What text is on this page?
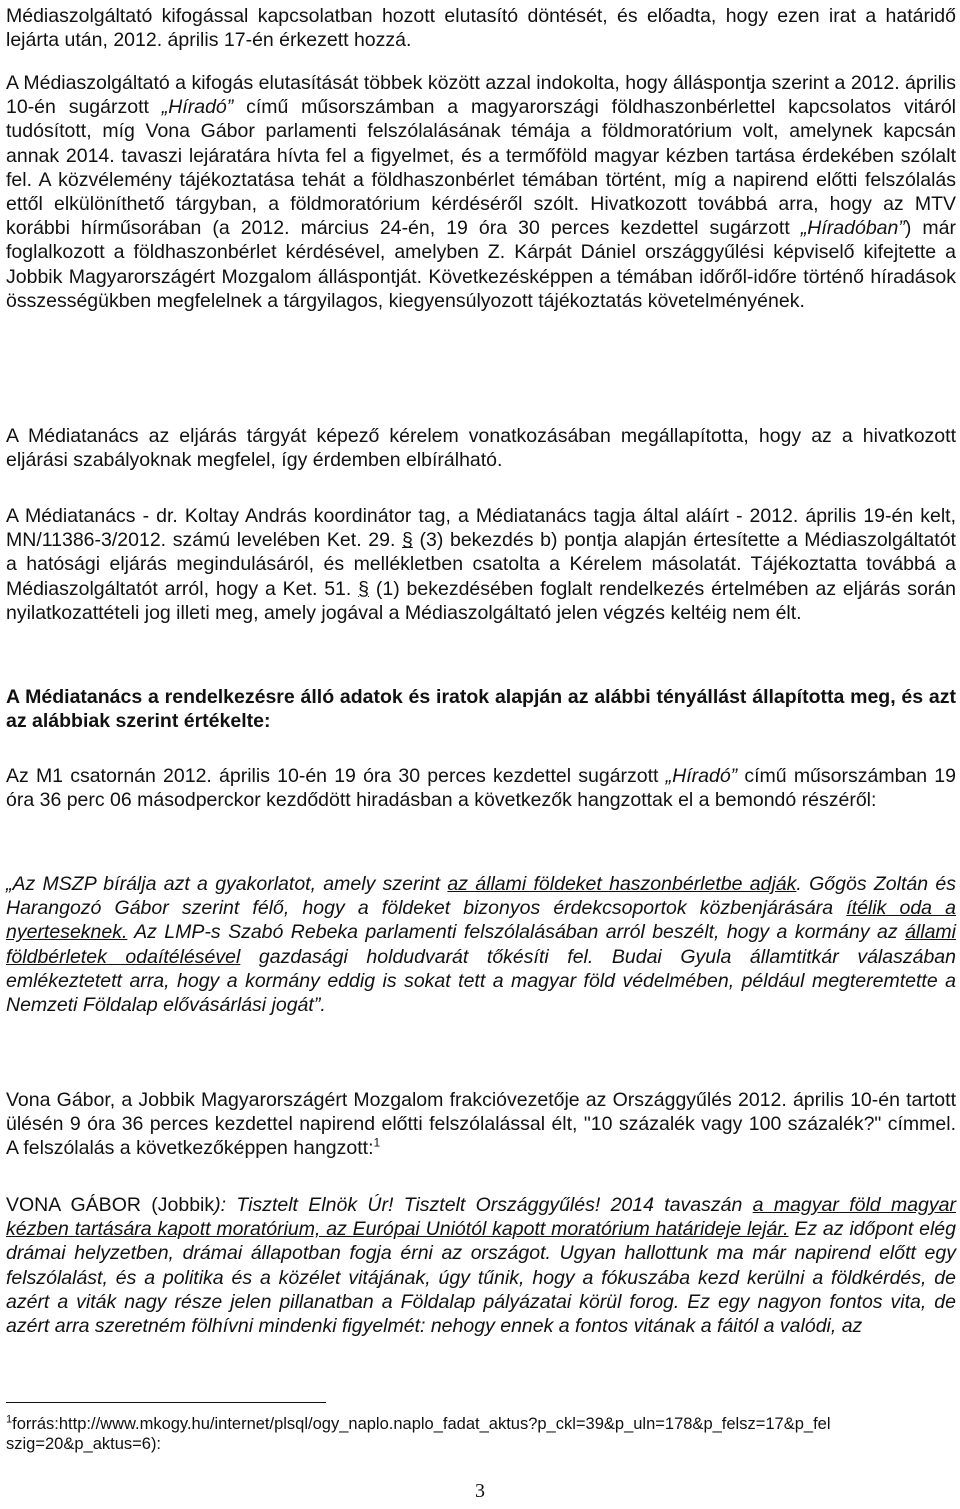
Médiaszolgáltató kifogással kapcsolatban hozott elutasító döntését, és előadta, hogy ezen irat a határidő lejárta után, 2012. április 17-én érkezett hozzá.

A Médiaszolgáltató a kifogás elutasítását többek között azzal indokolta, hogy álláspontja szerint a 2012. április 10-én sugárzott „Híradó” című műsorszámban a magyarországi földhaszonbérlettel kapcsolatos vitáról tudósított, míg Vona Gábor parlamenti felszólalásának témája a földmoratórium volt, amelynek kapcsán annak 2014. tavaszi lejáratára hívta fel a figyelmet, és a termőföld magyar kézben tartása érdekében szólalt fel. A közvélemény tájékoztatása tehát a földhaszonbérlet témában történt, míg a napirend előtti felszólalás ettől elkülöníthető tárgyban, a földmoratórium kérdéséről szólt. Hivatkozott továbbá arra, hogy az MTV korábbi hírműsorában (a 2012. március 24-én, 19 óra 30 perces kezdettel sugárzott „Híradóban”) már foglalkozott a földhaszonbérlet kérdésével, amelyben Z. Kárpát Dániel országgyűlési képviselő kifejtette a Jobbik Magyarországért Mozgalom álláspontját. Következésképpen a témában időről-időre történő híradások összességükben megfelelnek a tárgyilagos, kiegyensúlyozott tájékoztatás követelményének.

A Médiatanács az eljárás tárgyát képező kérelem vonatkozásában megállapította, hogy az a hivatkozott eljárási szabályoknak megfelel, így érdemben elbírálható.

A Médiatanács - dr. Koltay András koordinátor tag, a Médiatanács tagja által aláírt - 2012. április 19-én kelt, MN/11386-3/2012. számú levelében Ket. 29. § (3) bekezdés b) pontja alapján értesítette a Médiaszolgáltatót a hatósági eljárás megindulásáról, és mellékletben csatolta a Kérelem másolatát. Tájékoztatta továbbá a Médiaszolgáltatót arról, hogy a Ket. 51. § (1) bekezdésében foglalt rendelkezés értelmében az eljárás során nyilatkozattételi jog illeti meg, amely jogával a Médiaszolgáltató jelen végzés keltéig nem élt.

A Médiatanács a rendelkezésre álló adatok és iratok alapján az alábbi tényállást állapította meg, és azt az alábbiak szerint értékelte:

Az M1 csatornán 2012. április 10-én 19 óra 30 perces kezdettel sugárzott „Híradó” című műsorszámban 19 óra 36 perc 06 másodperckor kezdődött hiradásban a következők hangzottak el a bemondó részéről:

„Az MSZP bírálja azt a gyakorlatot, amely szerint az állami földeket haszonbérletbe adják. Gőgös Zoltán és Harangozó Gábor szerint félő, hogy a földeket bizonyos érdekcsoportok közbenjárására ítélik oda a nyerteseknek. Az LMP-s Szabó Rebeka parlamenti felszólalásában arról beszélt, hogy a kormány az állami földbérletek odaítélésével gazdasági holdudvarát tőkésíti fel. Budai Gyula államtitkár válaszában emlékeztetett arra, hogy a kormány eddig is sokat tett a magyar föld védelmében, például megteremtette a Nemzeti Földalap elővásárlási jogát”.

Vona Gábor, a Jobbik Magyarországért Mozgalom frakcióvezetője az Országgyűlés 2012. április 10-én tartott ülésén 9 óra 36 perces kezdettel napirend előtti felszólalással élt, "10 százalék vagy 100 százalék?" címmel. A felszólalás a következőképpen hangzott:$^1$

VONA GÁBOR (Jobbik): Tisztelt Elnök Úr! Tisztelt Országgyűlés! 2014 tavaszán a magyar föld magyar kézben tartására kapott moratórium, az Európai Uniótól kapott moratórium határideje lejár. Ez az időpont elég drámai helyzetben, drámai állapotban fogja érni az országot. Ugyan hallottunk ma már napirend előtt egy felszólalást, és a politika és a közélet vitájának, úgy tűnik, hogy a fókuszába kezd kerülni a földkérdés, de azért a viták nagy része jelen pillanatban a Földalap pályázatai körül forog. Ez egy nagyon fontos vita, de azért arra szeretném fölhívni mindenki figyelmét: nehogy ennek a fontos vitának a fáitól a valódi, az

$^1$forrás:http://www.mkogy.hu/internet/plsql/ogy_naplo.naplo_fadat_aktus?p_ckl=39&p_uln=178&p_felsz=17&p_fel szig=20&p_aktus=6):

3
